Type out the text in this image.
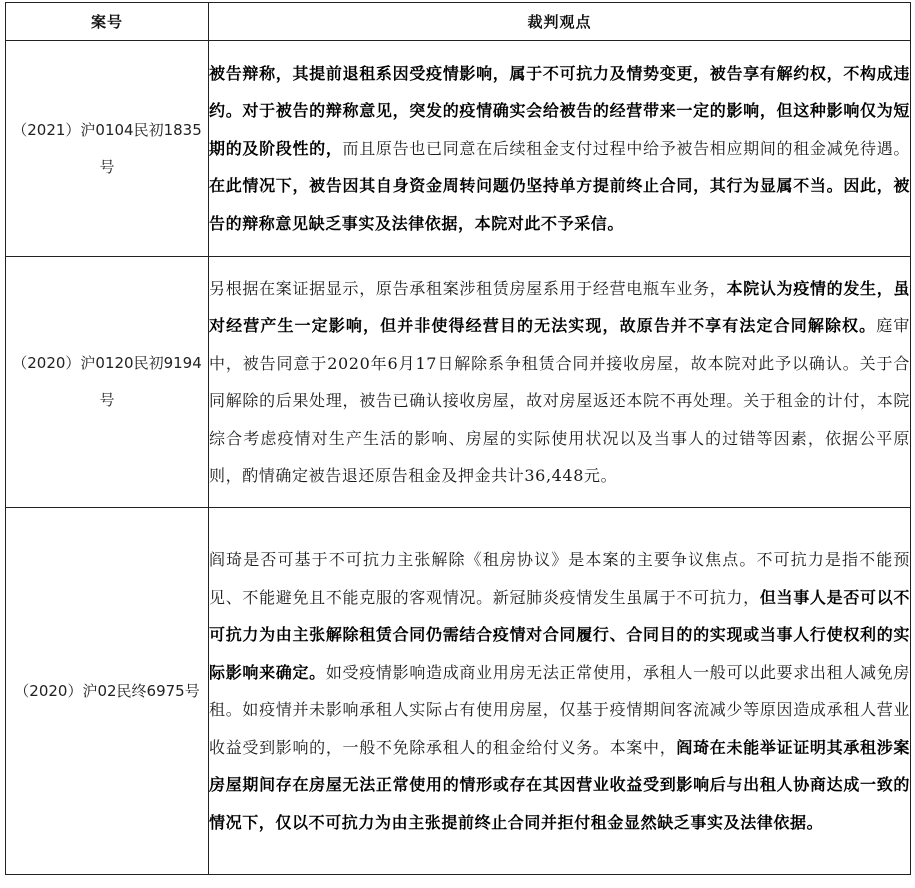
案号	裁判观点
（2021）沪0104民初1835号	被告辩称，其提前退租系因受疫情影响，属于不可抗力及情势变更，被告享有解约权，不构成违约。对于被告的辩称意见，突发的疫情确实会给被告的经营带来一定的影响，但这种影响仅为短期的及阶段性的，而且原告也已同意在后续租金支付过程中给予被告相应期间的租金减免待遇。在此情况下，被告因其自身资金周转问题仍坚持单方提前终止合同，其行为显属不当。因此，被告的辩称意见缺乏事实及法律依据，本院对此不予采信。
（2020）沪0120民初9194号	另根据在案证据显示，原告承租案涉租赁房屋系用于经营电瓶车业务，本院认为疫情的发生，虽对经营产生一定影响，但并非使得经营目的无法实现，故原告并不享有法定合同解除权。庭审中，被告同意于2020年6月17日解除系争租赁合同并接收房屋，故本院对此予以确认。关于合同解除的后果处理，被告已确认接收房屋，故对房屋返还本院不再处理。关于租金的计付，本院综合考虑疫情对生产生活的影响、房屋的实际使用状况以及当事人的过错等因素，依据公平原则，酌情确定被告退还原告租金及押金共计36,448元。
（2020）沪02民终6975号	阎琦是否可基于不可抗力主张解除《租房协议》是本案的主要争议焦点。不可抗力是指不能预见、不能避免且不能克服的客观情况。新冠肺炎疫情发生虽属于不可抗力，但当事人是否可以不可抗力为由主张解除租赁合同仍需结合疫情对合同履行、合同目的的实现或当事人行使权利的实际影响来确定。如受疫情影响造成商业用房无法正常使用，承租人一般可以此要求出租人减免房租。如疫情并未影响承租人实际占有使用房屋，仅基于疫情期间客流减少等原因造成承租人营业收益受到影响的，一般不免除承租人的租金给付义务。本案中，阎琦在未能举证证明其承租涉案房屋期间存在房屋无法正常使用的情形或存在其因营业收益受到影响后与出租人协商达成一致的情况下，仅以不可抗力为由主张提前终止合同并拒付租金显然缺乏事实及法律依据。
